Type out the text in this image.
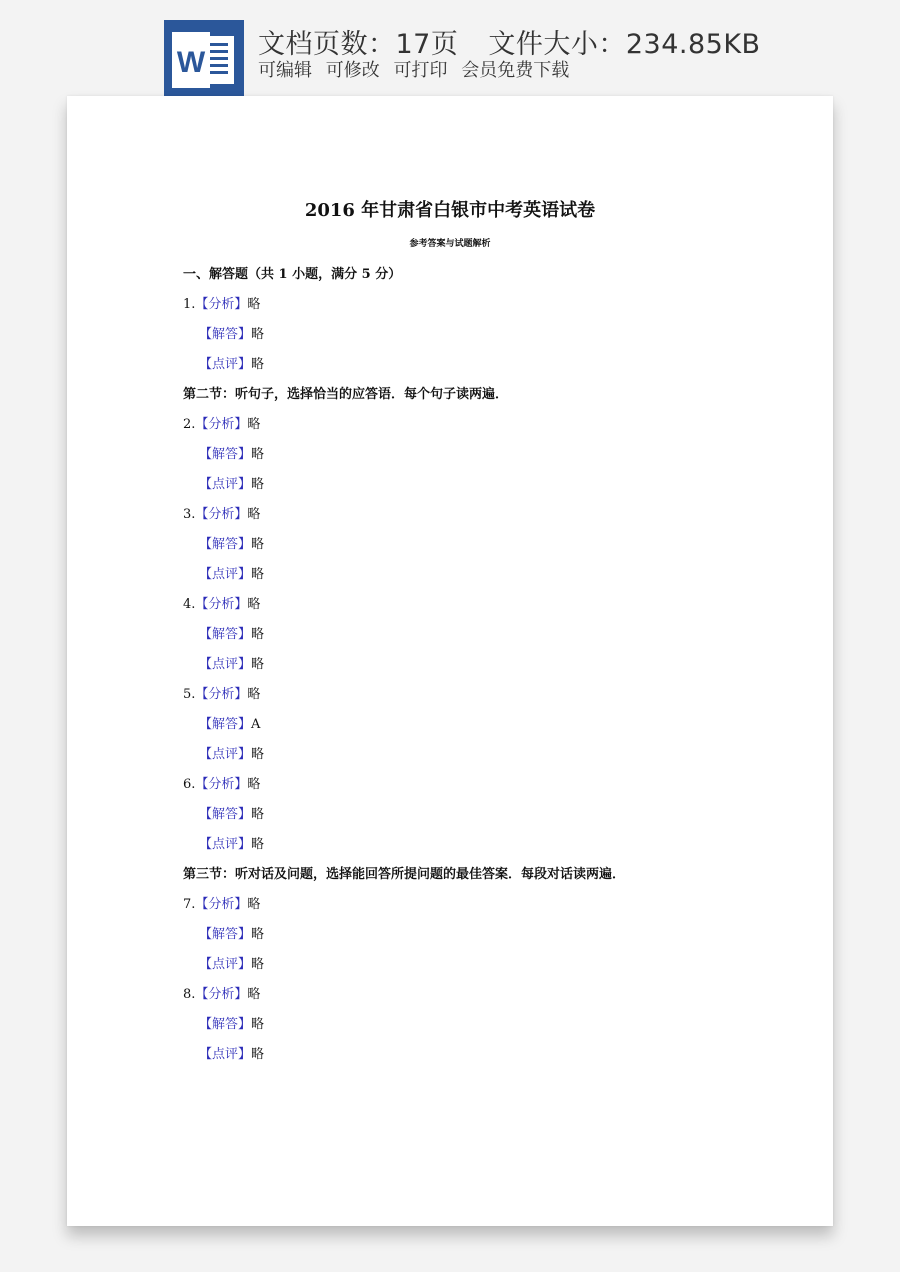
W
文档页数：17页 文件大小：234.85KB
可编辑 可修改 可打印 会员免费下载
2016 年甘肃省白银市中考英语试卷
参考答案与试题解析
一、解答题（共 1 小题，满分 5 分）
1.【分析】略
【解答】略
【点评】略
第二节：听句子，选择恰当的应答语．每个句子读两遍．
2.【分析】略
【解答】略
【点评】略
3.【分析】略
【解答】略
【点评】略
4.【分析】略
【解答】略
【点评】略
5.【分析】略
【解答】A
【点评】略
6.【分析】略
【解答】略
【点评】略
第三节：听对话及问题，选择能回答所提问题的最佳答案．每段对话读两遍．
7.【分析】略
【解答】略
【点评】略
8.【分析】略
【解答】略
【点评】略
